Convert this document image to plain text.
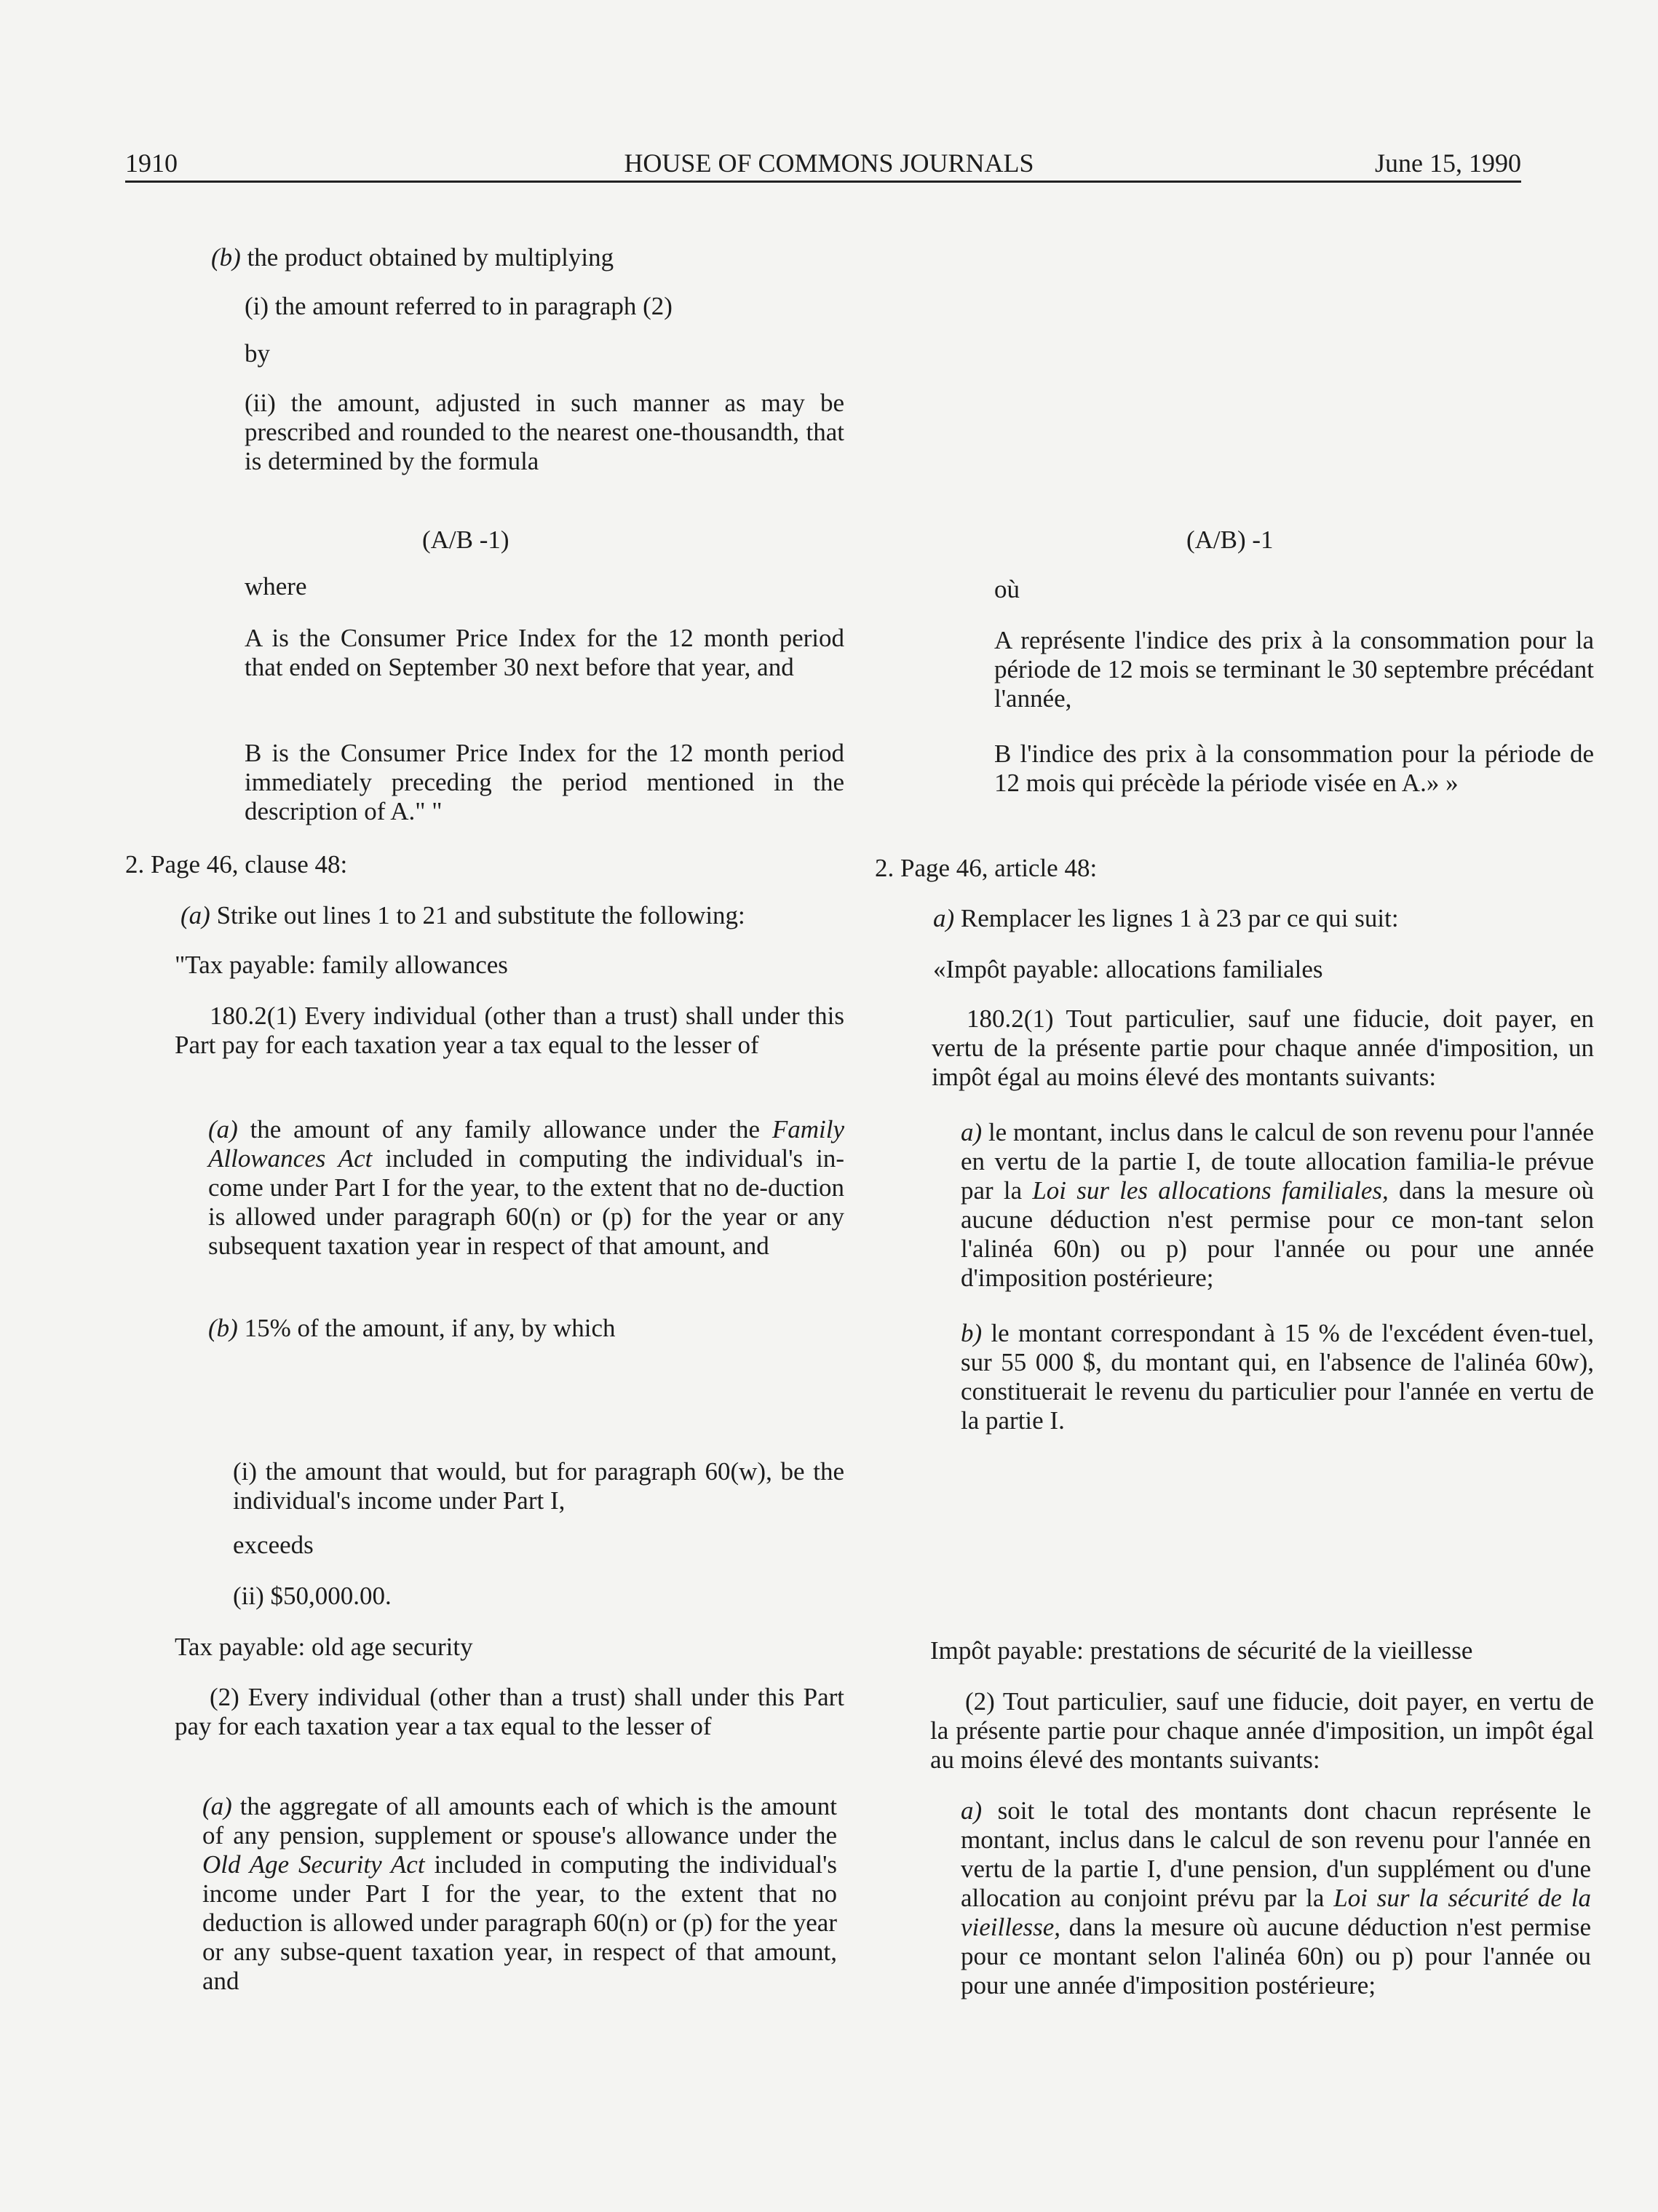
1910	HOUSE OF COMMONS JOURNALS	June 15, 1990

(b) the product obtained by multiplying

(i) the amount referred to in paragraph (2)

by

(ii) the amount, adjusted in such manner as may be prescribed and rounded to the nearest one-thousandth, that is determined by the formula

(A/B -1)

where

A is the Consumer Price Index for the 12 month period that ended on September 30 next before that year, and

B is the Consumer Price Index for the 12 month period immediately preceding the period mentioned in the description of A." "

2. Page 46, clause 48:

(a) Strike out lines 1 to 21 and substitute the following:

"Tax payable: family allowances

180.2(1) Every individual (other than a trust) shall under this Part pay for each taxation year a tax equal to the lesser of

(a) the amount of any family allowance under the Family Allowances Act included in computing the individual's in-come under Part I for the year, to the extent that no de-duction is allowed under paragraph 60(n) or (p) for the year or any subsequent taxation year in respect of that amount, and

(b) 15% of the amount, if any, by which

(i) the amount that would, but for paragraph 60(w), be the individual's income under Part I,

exceeds

(ii) $50,000.00.

Tax payable: old age security

(2) Every individual (other than a trust) shall under this Part pay for each taxation year a tax equal to the lesser of

(a) the aggregate of all amounts each of which is the amount of any pension, supplement or spouse's allowance under the Old Age Security Act included in computing the individual's income under Part I for the year, to the extent that no deduction is allowed under paragraph 60(n) or (p) for the year or any subse-quent taxation year, in respect of that amount, and

(A/B) -1

où

A représente l'indice des prix à la consommation pour la période de 12 mois se terminant le 30 septembre précédant l'année,

B l'indice des prix à la consommation pour la période de 12 mois qui précède la période visée en A.» »

2. Page 46, article 48:

a) Remplacer les lignes 1 à 23 par ce qui suit:

«Impôt payable: allocations familiales

180.2(1) Tout particulier, sauf une fiducie, doit payer, en vertu de la présente partie pour chaque année d'imposition, un impôt égal au moins élevé des montants suivants:

a) le montant, inclus dans le calcul de son revenu pour l'année en vertu de la partie I, de toute allocation familia-le prévue par la Loi sur les allocations familiales, dans la mesure où aucune déduction n'est permise pour ce mon-tant selon l'alinéa 60n) ou p) pour l'année ou pour une année d'imposition postérieure;

b) le montant correspondant à 15 % de l'excédent éven-tuel, sur 55 000 $, du montant qui, en l'absence de l'alinéa 60w), constituerait le revenu du particulier pour l'année en vertu de la partie I.

Impôt payable: prestations de sécurité de la vieillesse

(2) Tout particulier, sauf une fiducie, doit payer, en vertu de la présente partie pour chaque année d'imposition, un impôt égal au moins élevé des montants suivants:

a) soit le total des montants dont chacun représente le montant, inclus dans le calcul de son revenu pour l'année en vertu de la partie I, d'une pension, d'un supplément ou d'une allocation au conjoint prévu par la Loi sur la sécurité de la vieillesse, dans la mesure où aucune déduction n'est permise pour ce montant selon l'alinéa 60n) ou p) pour l'année ou pour une année d'imposition postérieure;
